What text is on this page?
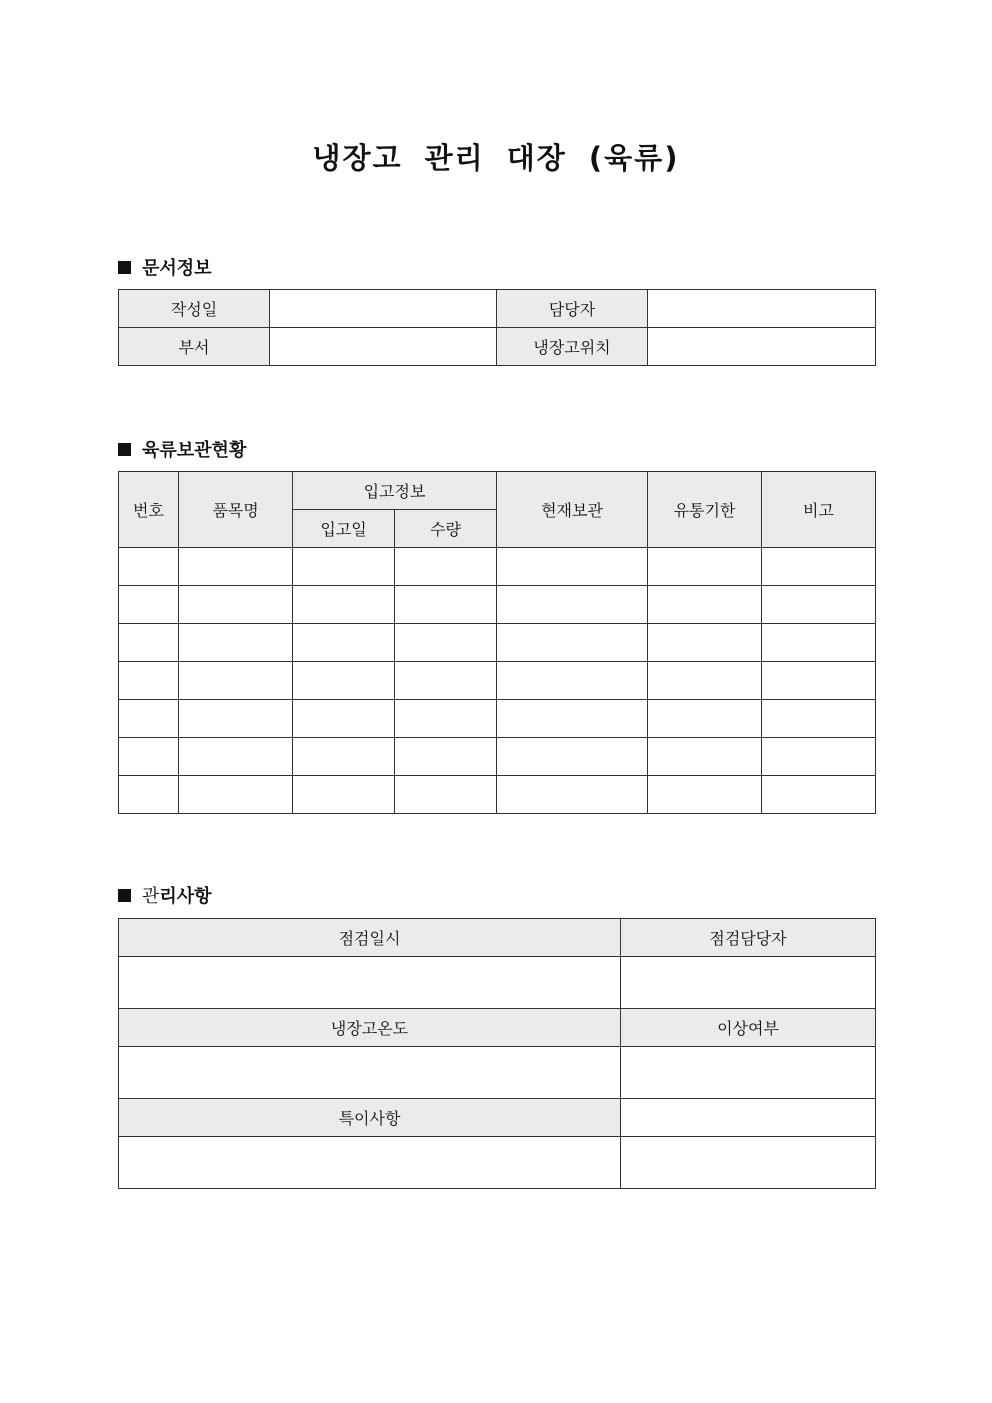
냉장고 관리 대장 (육류)
문서정보
작성일		담당자	
부서		냉장고위치	
육류보관현황
번호	품목명	입고정보		현재보관	유통기한	비고
		입고일	수량			

관 리사항
점검일시	점검담당자

냉장고온도	이상여부

특이사항	
